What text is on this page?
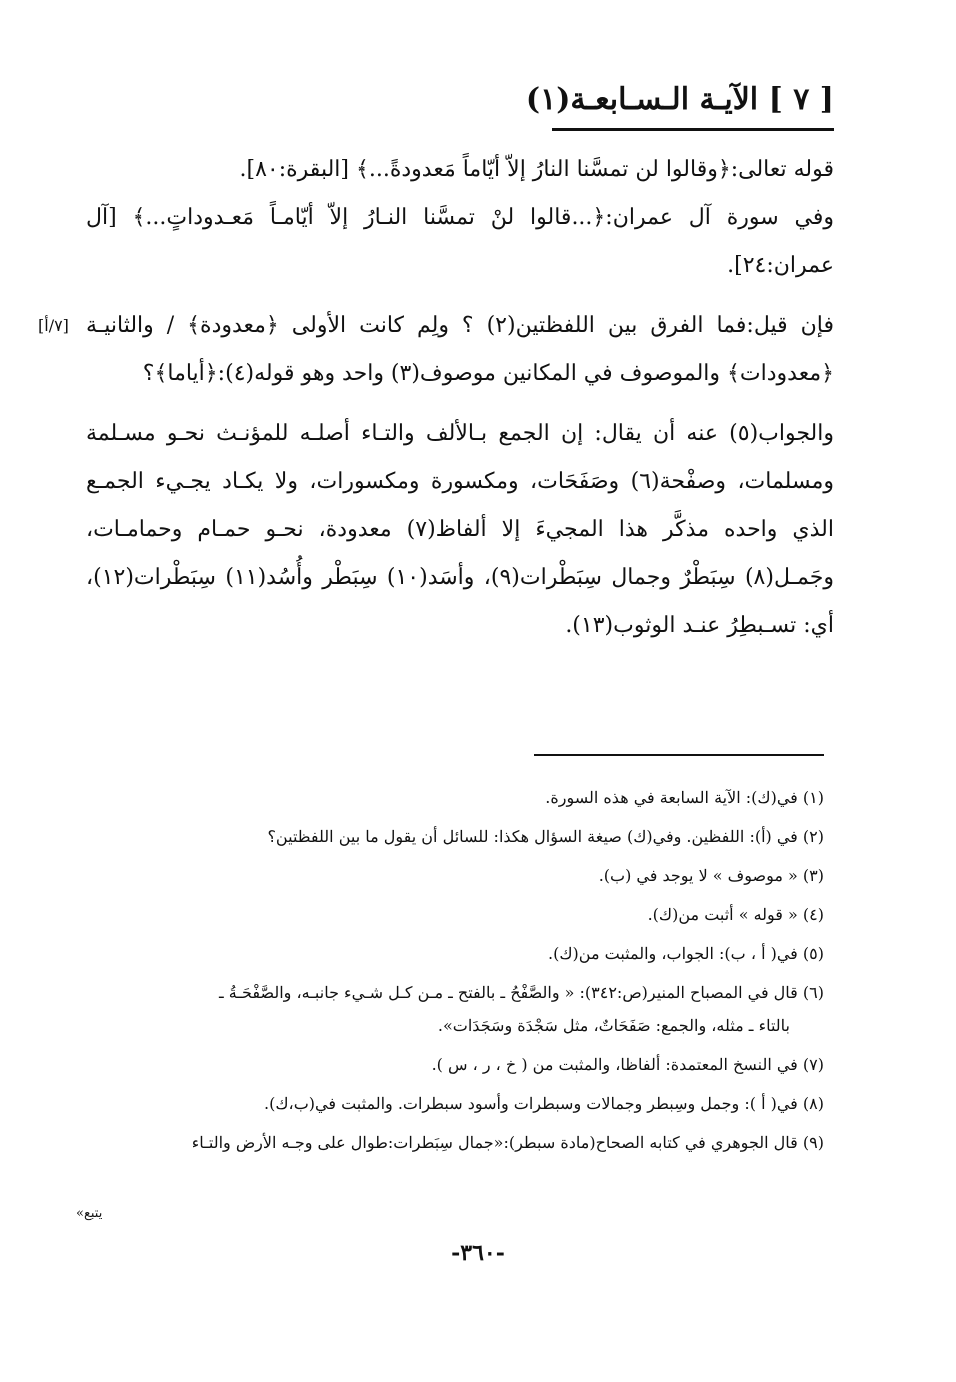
[ ٧ ] الآيـة الـسـابعـة(١)

قوله تعالى:﴿وقالوا لن تمسَّنا النارُ إلاّ أيّاماً مَعدودةً...﴾ [البقرة:٨٠].

وفي سورة آل عمران:﴿...قالوا لنْ تمسَّنا النـارُ إلاّ أيّامـاً مَعـدوداتٍ...﴾ [آل عمران:٢٤].

[٧/أ] فإن قيل:فما الفرق بين اللفظتين(٢) ؟ ولِم كانت الأولى ﴿معدودة﴾ / والثانيـة ﴿معدودات﴾ والموصوف في المكانين موصوف(٣) واحد وهو قوله(٤):﴿أياما﴾؟

والجواب(٥) عنه أن يقال: إن الجمع بـالألف والتـاء أصلـه للمؤنـث نحـو مسـلمة ومسلمات، وصفْحة(٦) وصَفَحَات، ومكسورة ومكسورات، ولا يكـاد يجـيء الجمـع الذي واحده مذكَّر هذا المجيءَ إلا ألفاظ(٧) معدودة، نحـو حمـام وحمامـات، وجَمـل(٨) سِبَطْرٌ وجمال سِبَطْرات(٩)، وأسَد(١٠) سِبَطْر وأُسُد(١١) سِبَطْرات(١٢)، أي: تسـبطِرُ عنـد الوثوب(١٣).

(١) في(ك): الآية السابعة في هذه السورة.

(٢) في (أ): اللفظين. وفي(ك) صيغة السؤال هكذا: للسائل أن يقول ما بين اللفظتين؟

(٣) « موصوف » لا يوجد في (ب).

(٤) « قوله » أثبت من(ك).

(٥) في( أ ، ب): الجواب، والمثبت من(ك).

(٦) قال في المصباح المنير(ص:٣٤٢): « والصَّفْحُ ـ بالفتح ـ مـن كـل شـيء جانبـه، والصَّفْحَـةُ ـ

بالتاء ـ مثله، والجمع: صَفَحَاتٌ، مثل سَجْدَة وسَجَدَات».

(٧) في النسخ المعتمدة: ألفاظا، والمثبت من ( خ ، ر ، س ).

(٨) في( أ ): وجمل وسِبطر وجمالات وسبطرات وأسود سبطرات. والمثبت في(ب،ك).

(٩) قال الجوهري في كتابه الصحاح(مادة سبطر):«جمال سِبَطرات:طوال على وجـه الأرض والتـاء

يتبع»
-٣٦٠-
